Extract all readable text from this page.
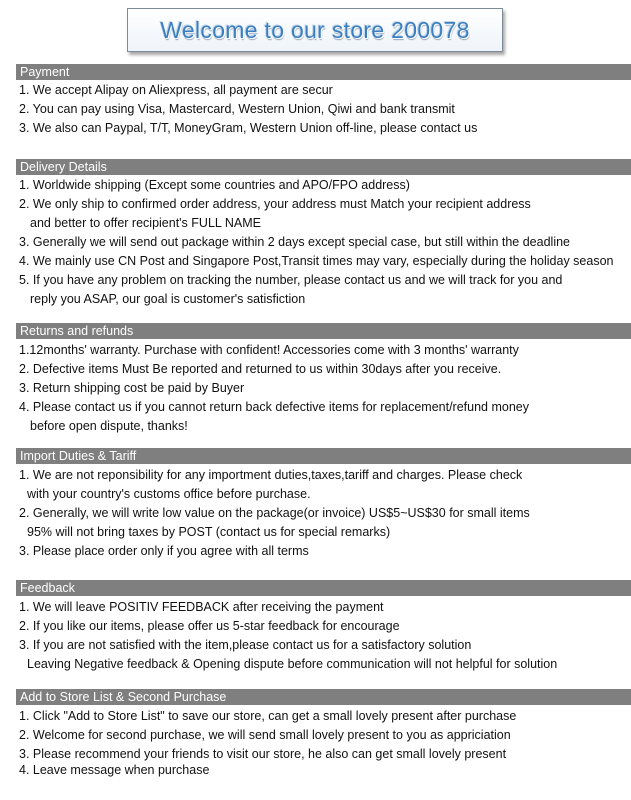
Welcome to our store 200078
Payment
1. We accept Alipay on Aliexpress, all payment are secur
2. You can pay using Visa, Mastercard, Western Union, Qiwi and bank transmit
3. We also can Paypal, T/T, MoneyGram, Western Union off-line, please contact us
Delivery Details
1. Worldwide shipping (Except some countries and APO/FPO address)
2. We only ship to confirmed order address, your address must Match your recipient address
and better to offer recipient's FULL NAME
3. Generally we will send out package within 2 days except special case, but still within the deadline
4. We mainly use CN Post and Singapore Post,Transit times may vary, especially during the holiday season
5. If you have any problem on tracking the number, please contact us and we will track for you and
reply you ASAP, our goal is customer's satisfiction
Returns and refunds
1.12months' warranty. Purchase with confident! Accessories come with 3 months' warranty
2. Defective items Must Be reported and returned to us within 30days after you receive.
3. Return shipping cost be paid by Buyer
4. Please contact us if you cannot return back defective items for replacement/refund money
before open dispute, thanks!
Import Duties & Tariff
1. We are not reponsibility for any importment duties,taxes,tariff and charges. Please check
with your country's customs office before purchase.
2. Generally, we will write low value on the package(or invoice) US$5~US$30 for small items
95% will not bring taxes by POST (contact us for special remarks)
3. Please place order only if you agree with all terms
Feedback
1. We will leave POSITIV FEEDBACK after receiving the payment
2. If you like our items, please offer us 5-star feedback for encourage
3. If you are not satisfied with the item,please contact us for a satisfactory solution
Leaving Negative feedback & Opening dispute before communication will not helpful for solution
Add to Store List & Second Purchase
1. Click "Add to Store List" to save our store, can get a small lovely present after purchase
2. Welcome for second purchase, we will send small lovely present to you as appriciation
3. Please recommend your friends to visit our store, he also can get small lovely present
4. Leave message when purchase
